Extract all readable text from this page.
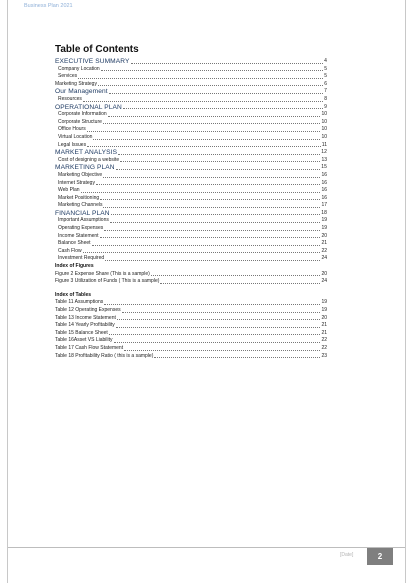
Business Plan 2021
Table of Contents
EXECUTIVE SUMMARY	4
Company Location	5
Services	5
Marketing Strategy	6
Our Management	7
Resources	8
OPERATIONAL PLAN	9
Corporate Information	10
Corporate Structure	10
Office Hours	10
Virtual Location	10
Legal Issues	11
MARKET ANALYSIS	12
Cost of designing a website	13
MARKETING PLAN	15
Marketing Objective	16
Internet Strategy	16
Web Plan	16
Market Positioning	16
Marketing Channels	17
FINANCIAL PLAN	18
Important Assumptions	19
Operating Expenses	19
Income Statement	20
Balance Sheet	21
Cash Flow	22
Investment Required	24
Index of Figures
Figure 2 Expense Share (This is a sample)	20
Figure 3 Utilization of Funds ( This is a sample)	24
Index of Tables
Table 11 Assumptions	19
Table 12 Operating Expenses	19
Table 13 Income Statement	20
Table 14 Yearly Profitability	21
Table 15 Balance Sheet	21
Table 16Asset VS Liability	22
Table 17 Cash Flow Statement	22
Table 18 Profitability Ratio ( this is a sample)	23
[Date]	2
